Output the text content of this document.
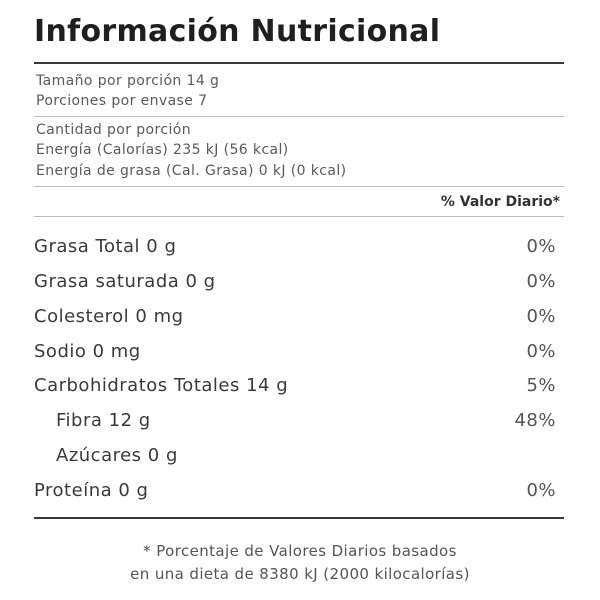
Información Nutricional
Tamaño por porción 14 g
Porciones por envase 7
Cantidad por porción
Energía (Calorías) 235 kJ (56 kcal)
Energía de grasa (Cal. Grasa) 0 kJ (0 kcal)
% Valor Diario*
Grasa Total 0 g	0%
Grasa saturada 0 g	0%
Colesterol 0 mg	0%
Sodio 0 mg	0%
Carbohidratos Totales 14 g	5%
Fibra 12 g	48%
Azúcares 0 g
Proteína 0 g	0%
* Porcentaje de Valores Diarios basados
en una dieta de 8380 kJ (2000 kilocalorías)
